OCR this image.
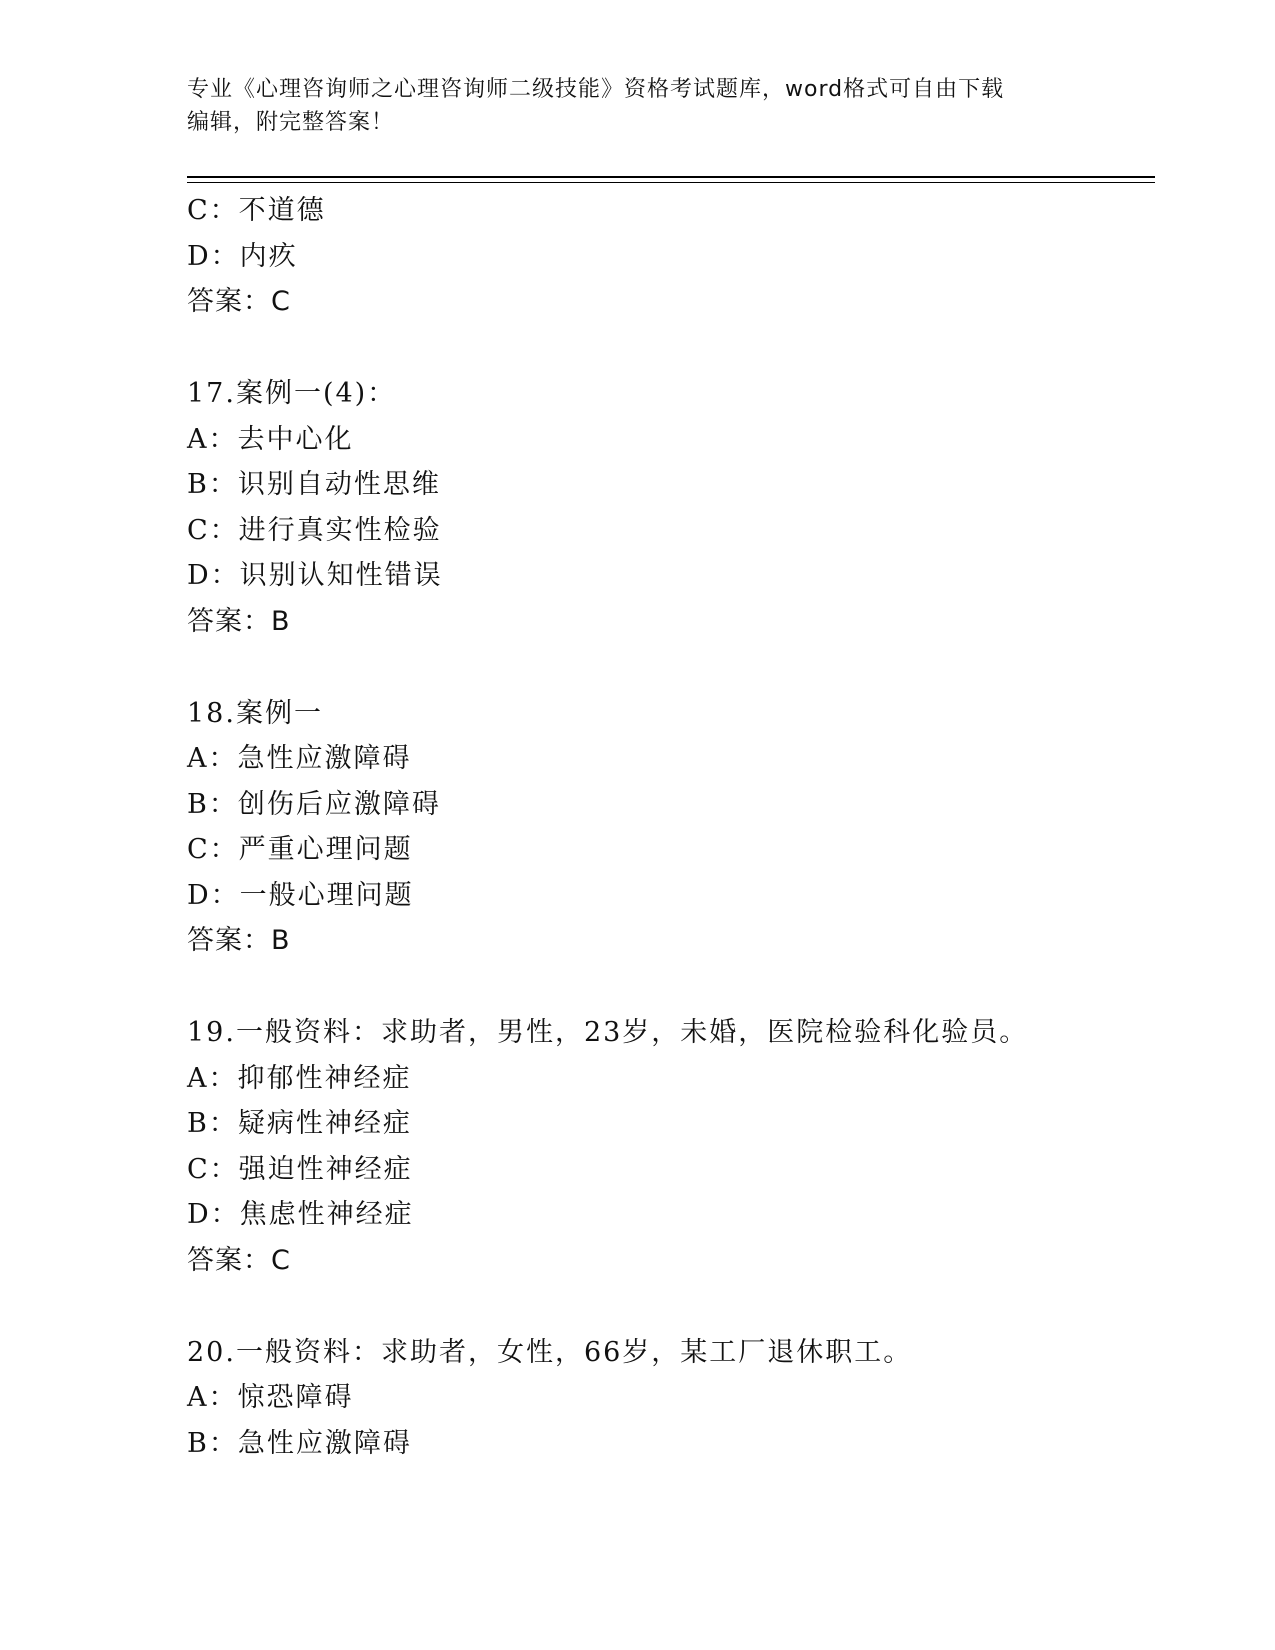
专业《心理咨询师之心理咨询师二级技能》资格考试题库，word格式可自由下载
编辑，附完整答案！
C：不道德
D：内疚
答案：C
17.案例一(4)：
A：去中心化
B：识别自动性思维
C：进行真实性检验
D：识别认知性错误
答案：B
18.案例一
A：急性应激障碍
B：创伤后应激障碍
C：严重心理问题
D：一般心理问题
答案：B
19.一般资料：求助者，男性，23岁，未婚，医院检验科化验员。
A：抑郁性神经症
B：疑病性神经症
C：强迫性神经症
D：焦虑性神经症
答案：C
20.一般资料：求助者，女性，66岁，某工厂退休职工。
A：惊恐障碍
B：急性应激障碍
